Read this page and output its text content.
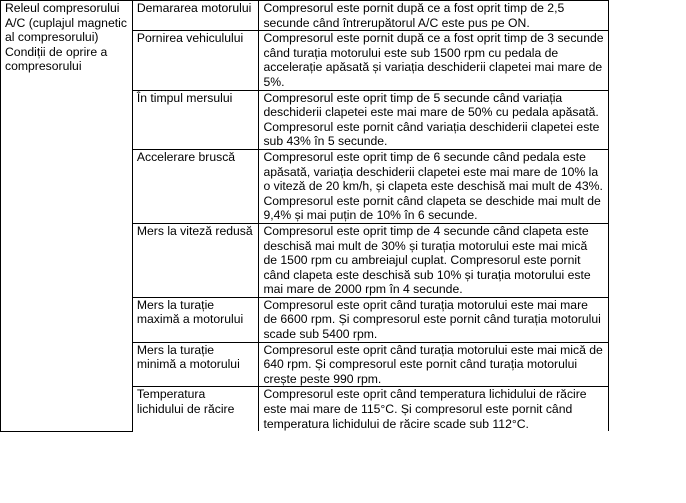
Releul compresorului A/C (cuplajul magnetic al compresorului)
Condiții de oprire a compresorului	Demararea motorului	Compresorul este pornit după ce a fost oprit timp de 2,5 secunde când întrerupătorul A/C este pus pe ON.
	Pornirea vehiculului	Compresorul este pornit după ce a fost oprit timp de 3 secunde când turația motorului este sub 1500 rpm cu pedala de accelerație apăsată și variația deschiderii clapetei mai mare de 5%.
	În timpul mersului	Compresorul este oprit timp de 5 secunde când variația deschiderii clapetei este mai mare de 50% cu pedala apăsată. Compresorul este pornit când variația deschiderii clapetei este sub 43% în 5 secunde.
	Accelerare bruscă	Compresorul este oprit timp de 6 secunde când pedala este apăsată, variația deschiderii clapetei este mai mare de 10% la o viteză de 20 km/h, și clapeta este deschisă mai mult de 43%. Compresorul este pornit când clapeta se deschide mai mult de 9,4% și mai puțin de 10% în 6 secunde.
	Mers la viteză redusă	Compresorul este oprit timp de 4 secunde când clapeta este deschisă mai mult de 30% și turația motorului este mai mică de 1500 rpm cu ambreiajul cuplat. Compresorul este pornit când clapeta este deschisă sub 10% și turația motorului este mai mare de 2000 rpm în 4 secunde.
	Mers la turație maximă a motorului	Compresorul este oprit când turația motorului este mai mare de 6600 rpm. Și compresorul este pornit când turația motorului scade sub 5400 rpm.
	Mers la turație minimă a motorului	Compresorul este oprit când turația motorului este mai mică de 640 rpm. Și compresorul este pornit când turația motorului crește peste 990 rpm.
	Temperatura lichidului de răcire	Compresorul este oprit când temperatura lichidului de răcire este mai mare de 115°C. Și compresorul este pornit când temperatura lichidului de răcire scade sub 112°C.
